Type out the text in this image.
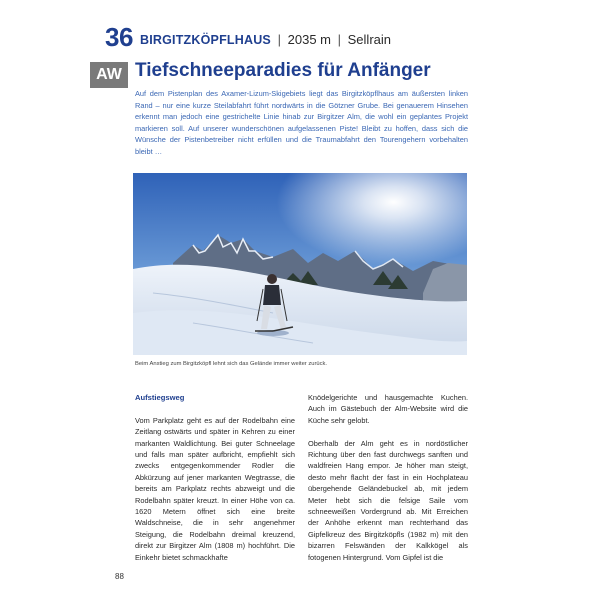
36 BIRGITZKÖPFLHAUS | 2035 m | Sellrain
AW Tiefschneeparadies für Anfänger
Auf dem Pistenplan des Axamer-Lizum-Skigebiets liegt das Birgitzköpflhaus am äußersten linken Rand – nur eine kurze Steilabfahrt führt nordwärts in die Götzner Grube. Bei genauerem Hinsehen erkennt man jedoch eine gestrichelte Linie hinab zur Birgitzer Alm, die wohl ein geplantes Projekt markieren soll. Auf unserer wunderschönen aufgelassenen Piste! Bleibt zu hoffen, dass sich die Wünsche der Pistenbetreiber nicht erfüllen und die Traumabfahrt den Tourengehern vorbehalten bleibt …
Beim Anstieg zum Birgitzköpfl lehnt sich das Gelände immer weiter zurück.
Aufstiegsweg

Vom Parkplatz geht es auf der Rodelbahn eine Zeitlang ostwärts und später in Kehren zu einer markanten Waldlichtung. Bei guter Schneelage und falls man später aufbricht, empfiehlt sich zwecks entgegenkommender Rodler die Abkürzung auf jener markanten Wegtrasse, die bereits am Parkplatz rechts abzweigt und die Rodelbahn später kreuzt. In einer Höhe von ca. 1620 Metern öffnet sich eine breite Waldschneise, die in sehr angenehmer Steigung, die Rodelbahn dreimal kreuzend, direkt zur Birgitzer Alm (1808 m) hochführt. Die Einkehr bietet schmackhafte

Knödelgerichte und hausgemachte Kuchen. Auch im Gästebuch der Alm-Website wird die Küche sehr gelobt.

Oberhalb der Alm geht es in nordöstlicher Richtung über den fast durchwegs sanften und waldfreien Hang empor. Je höher man steigt, desto mehr flacht der fast in ein Hochplateau übergehende Geländebuckel ab, mit jedem Meter hebt sich die felsige Saile vom schneeweißen Vordergrund ab. Mit Erreichen der Anhöhe erkennt man rechterhand das Gipfelkreuz des Birgitzköpfls (1982 m) mit den bizarren Felswänden der Kalkkögel als fotogenen Hintergrund. Vom Gipfel ist die

88
